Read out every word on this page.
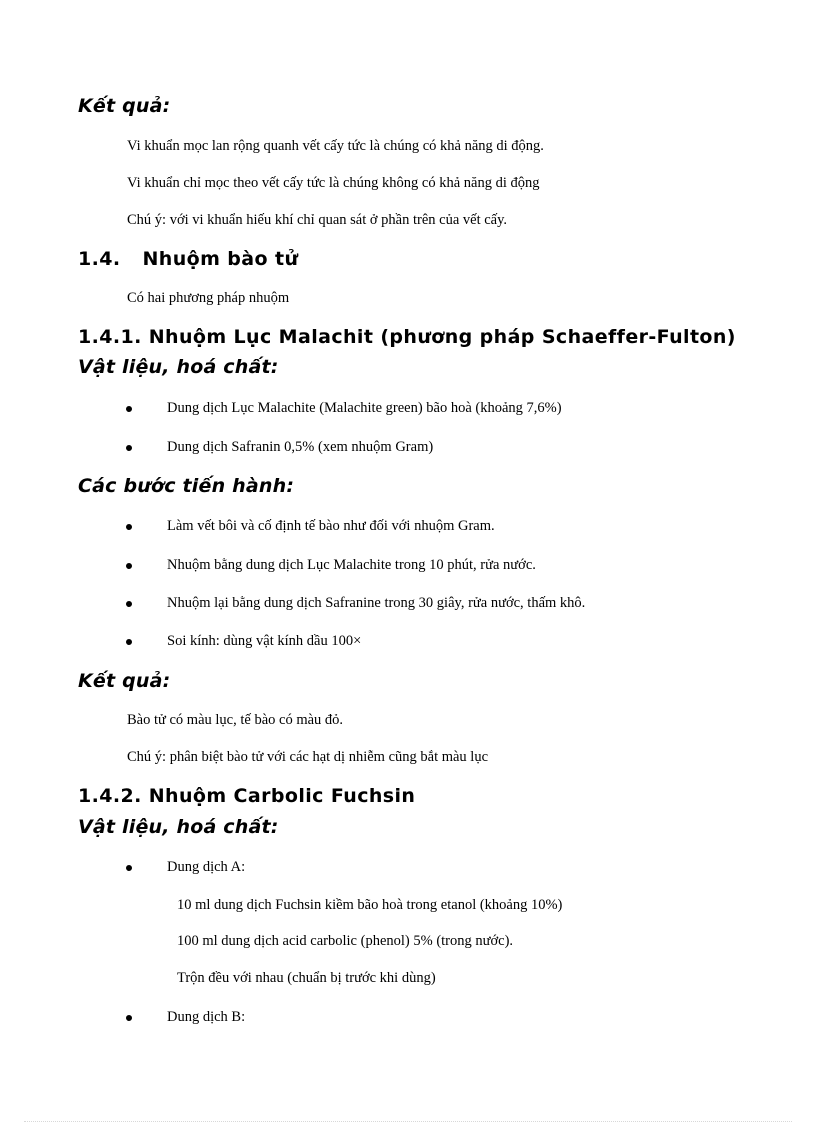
Kết quả:
Vi khuẩn mọc lan rộng quanh vết cấy tức là chúng có khả năng di động.
Vi khuẩn chỉ mọc theo vết cấy tức là chúng không có khả năng di động
Chú ý: với vi khuẩn hiếu khí chỉ quan sát ở phần trên của vết cấy.
1.4. Nhuộm bào tử
Có hai phương pháp nhuộm
1.4.1. Nhuộm Lục Malachit (phương pháp Schaeffer-Fulton)
Vật liệu, hoá chất:
Dung dịch Lục Malachite (Malachite green) bão hoà (khoảng 7,6%)
Dung dịch Safranin 0,5% (xem nhuộm Gram)
Các bước tiến hành:
Làm vết bôi và cố định tế bào như đối với nhuộm Gram.
Nhuộm bằng dung dịch Lục Malachite trong 10 phút, rửa nước.
Nhuộm lại bằng dung dịch Safranine trong 30 giây, rửa nước, thấm khô.
Soi kính: dùng vật kính dầu 100×
Kết quả:
Bào tử có màu lục, tế bào có màu đỏ.
Chú ý: phân biệt bào tử với các hạt dị nhiễm cũng bắt màu lục
1.4.2. Nhuộm Carbolic Fuchsin
Vật liệu, hoá chất:
Dung dịch A:
10 ml dung dịch Fuchsin kiềm bão hoà trong etanol (khoảng 10%)
100 ml dung dịch acid carbolic (phenol) 5% (trong nước).
Trộn đều với nhau (chuẩn bị trước khi dùng)
Dung dịch B:
